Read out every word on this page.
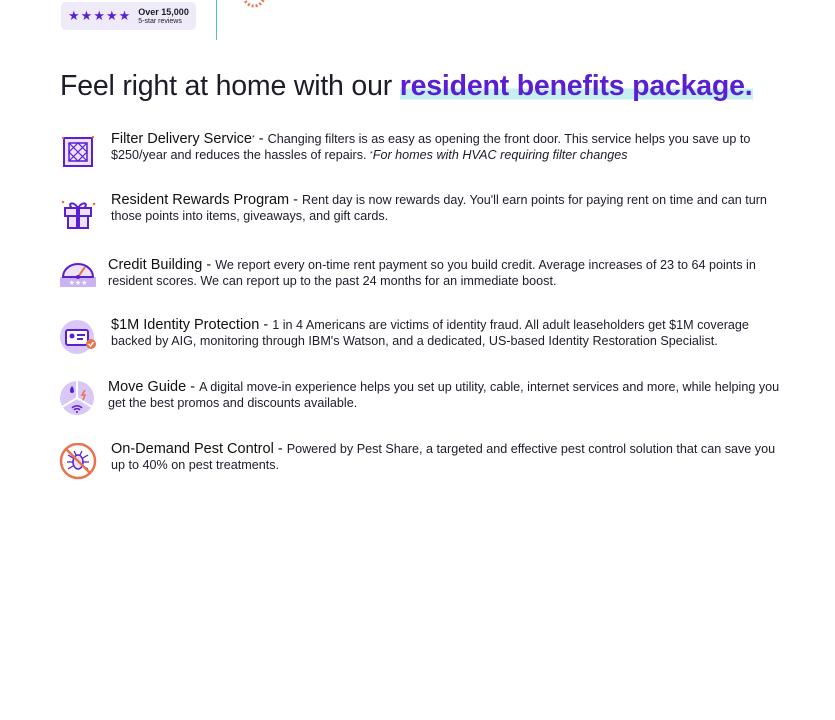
★ ★ ★ ★ ★ Over 15,000
5-star reviews
Feel right at home with our resident benefits package.
Filter Delivery Service* - Changing filters is as easy as opening the front door. This service helps you save up to $250/year and reduces the hassles of repairs. *For homes with HVAC requiring filter changes
Resident Rewards Program - Rent day is now rewards day. You'll earn points for paying rent on time and can turn those points into items, giveaways, and gift cards.
★★★
Credit Building - We report every on-time rent payment so you build credit. Average increases of 23 to 64 points in resident scores. We can report up to the past 24 months for an immediate boost.
$1M Identity Protection - 1 in 4 Americans are victims of identity fraud. All adult leaseholders get $1M coverage backed by AIG, monitoring through IBM's Watson, and a dedicated, US-based Identity Restoration Specialist.
Move Guide - A digital move-in experience helps you set up utility, cable, internet services and more, while helping you get the best promos and discounts available.
On-Demand Pest Control - Powered by Pest Share, a targeted and effective pest control solution that can save you up to 40% on pest treatments.
